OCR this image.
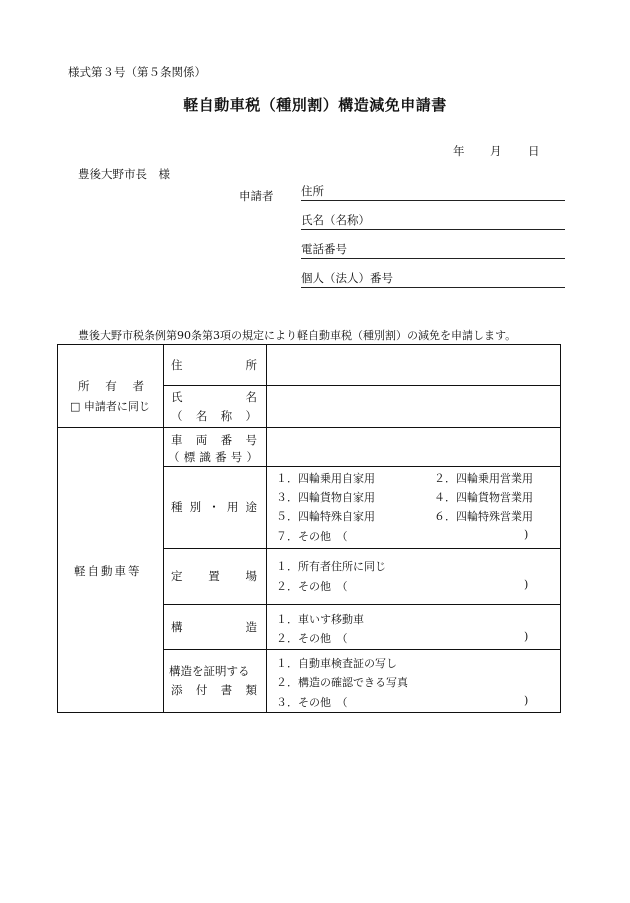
様式第３号（第５条関係）
軽自動車税（種別割）構造減免申請書
年 月 日
豊後大野市長　様
申請者 住所
氏名（名称）
電話番号
個人（法人）番号
豊後大野市税条例第90条第3項の規定により軽自動車税（種別割）の減免を申請します。
所 有 者
□ 申請者に同じ
住	所
氏	名
（ 名 称 ）
軽自動車等
車 両 番 号
（ 標 識 番 号 ）
種 別 ・ 用 途
１．四輪乗用自家用	２．四輪乗用営業用
３．四輪貨物自家用	４．四輪貨物営業用
５．四輪特殊自家用	６．四輪特殊営業用
７．その他　（	)
定 置 場
１．所有者住所に同じ
２．その他　（	)
構	造
１．車いす移動車
２．その他　（	)
構造を証明する
添 付 書 類
１．自動車検査証の写し
２．構造の確認できる写真
３．その他　（	)
